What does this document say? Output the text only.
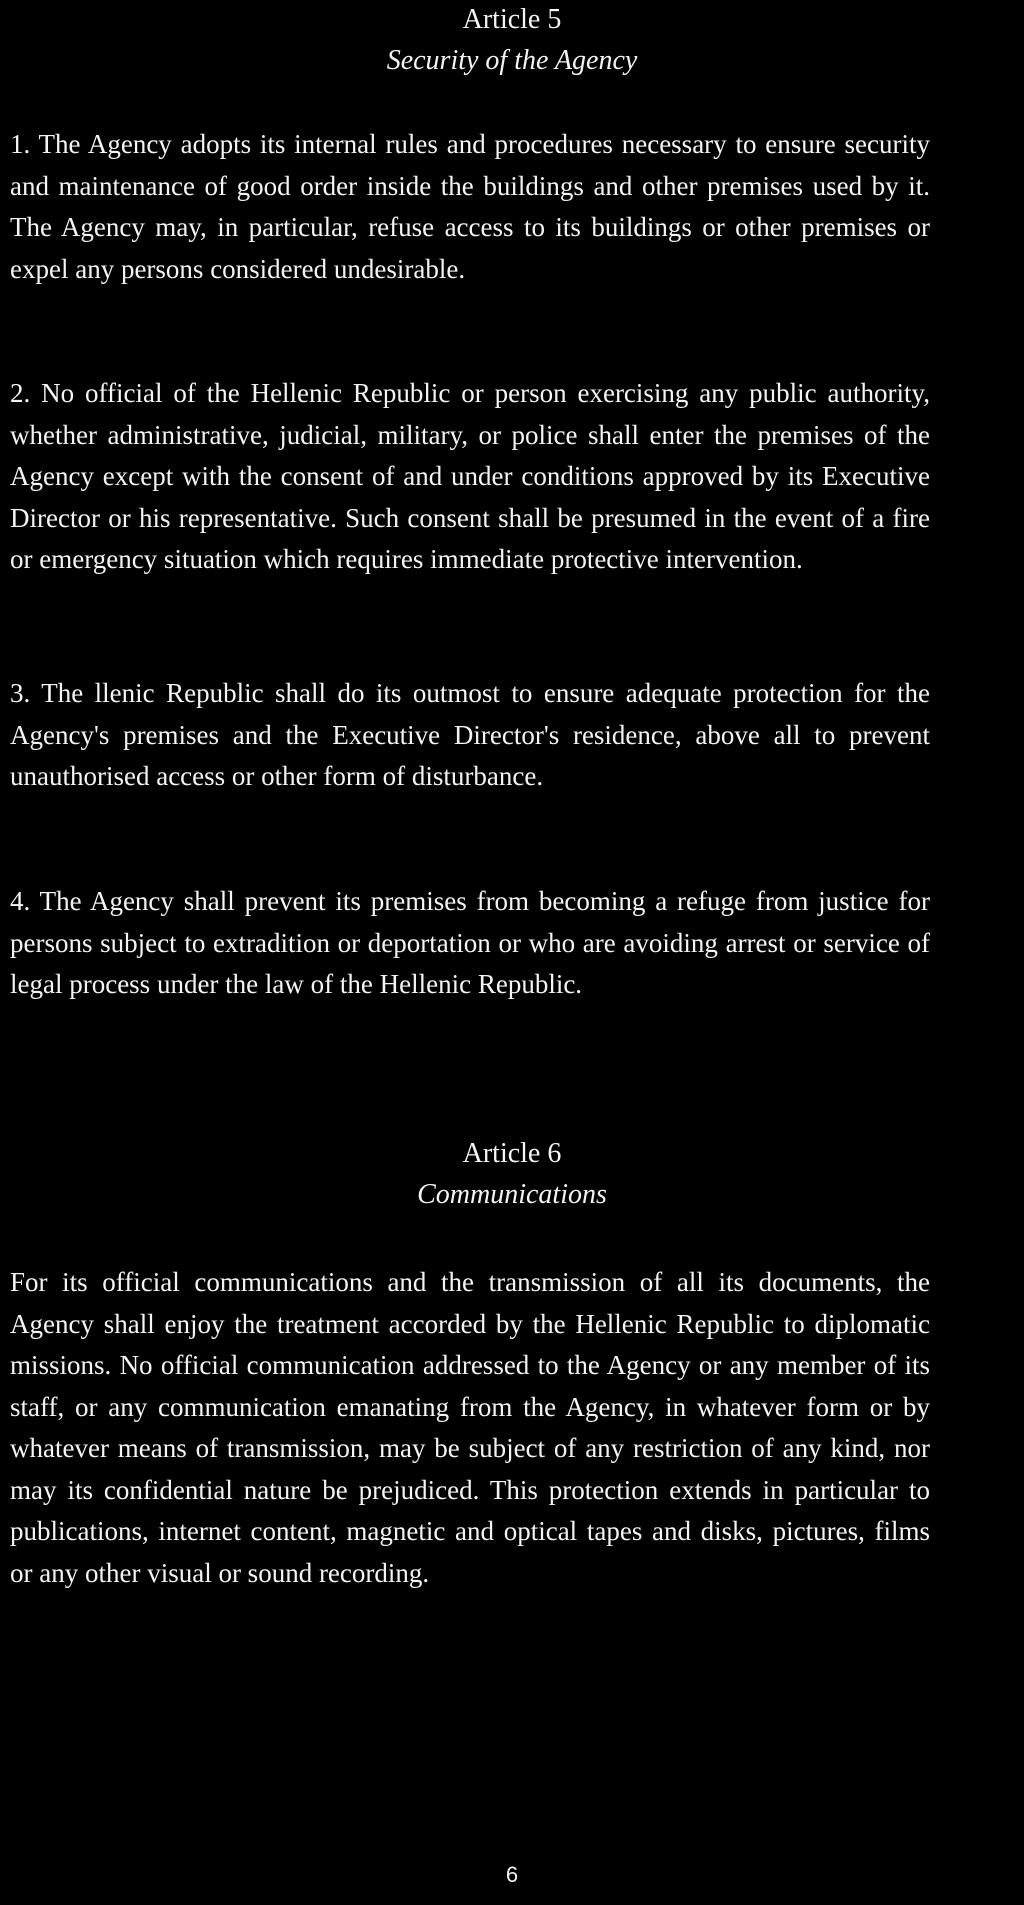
Article 5
Security of the Agency
1. The Agency adopts its internal rules and procedures necessary to ensure security and maintenance of good order inside the buildings and other premises used by it. The Agency may, in particular, refuse access to its buildings or other premises or expel any persons considered undesirable.
2. No official of the Hellenic Republic or person exercising any public authority, whether administrative, judicial, military, or police shall enter the premises of the Agency except with the consent of and under conditions approved by its Executive Director or his representative. Such consent shall be presumed in the event of a fire or emergency situation which requires immediate protective intervention.
3. The llenic Republic shall do its outmost to ensure adequate protection for the Agency's premises and the Executive Director's residence, above all to prevent unauthorised access or other form of disturbance.
4. The Agency shall prevent its premises from becoming a refuge from justice for persons subject to extradition or deportation or who are avoiding arrest or service of legal process under the law of the Hellenic Republic.
Article 6
Communications
For its official communications and the transmission of all its documents, the Agency shall enjoy the treatment accorded by the Hellenic Republic to diplomatic missions. No official communication addressed to the Agency or any member of its staff, or any communication emanating from the Agency, in whatever form or by whatever means of transmission, may be subject of any restriction of any kind, nor may its confidential nature be prejudiced. This protection extends in particular to publications, internet content, magnetic and optical tapes and disks, pictures, films or any other visual or sound recording.
6
